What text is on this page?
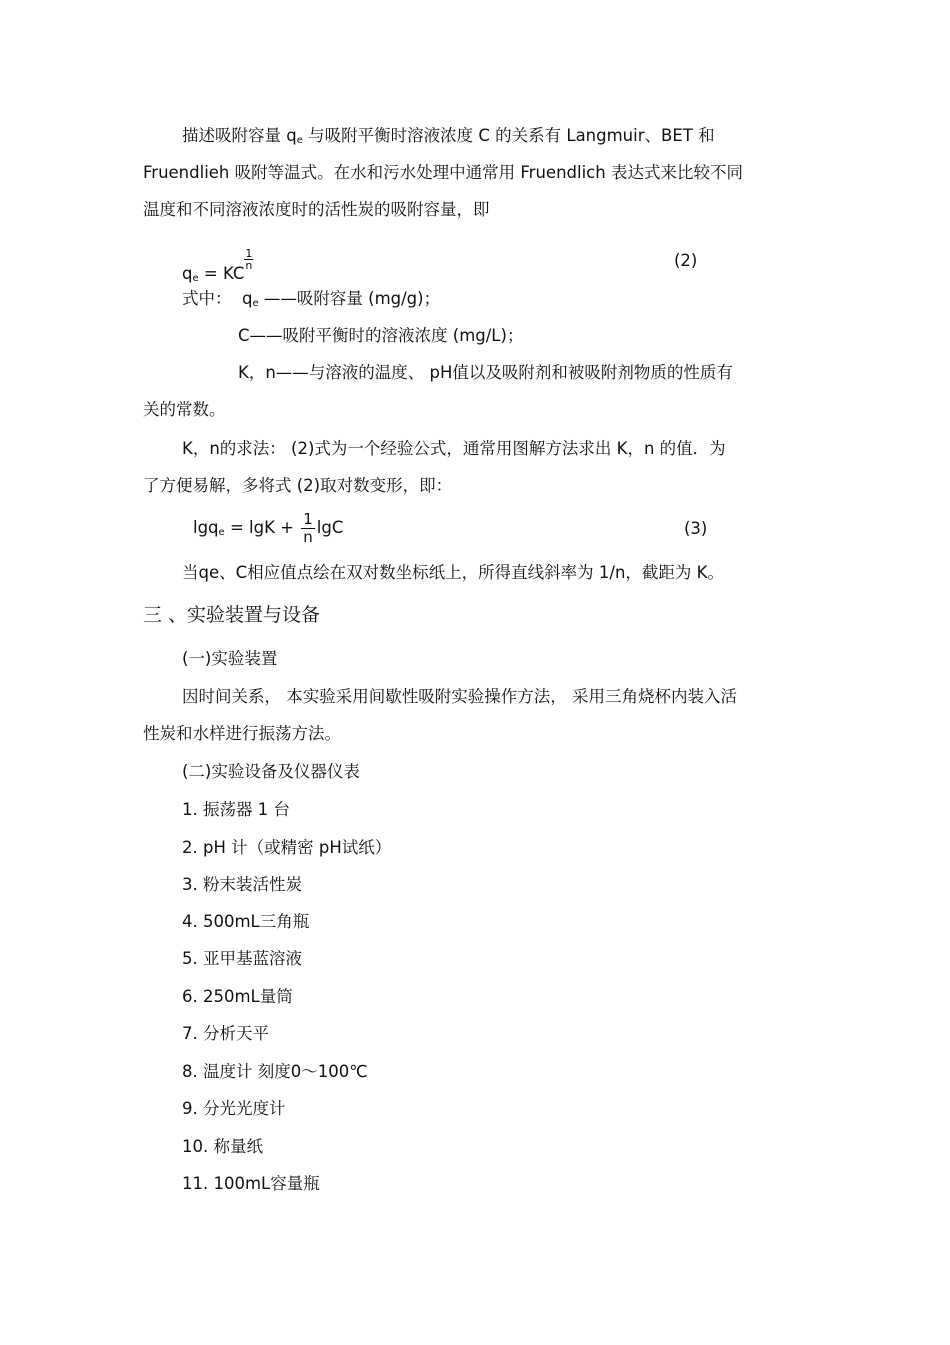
描述吸附容量 $q_e$ 与吸附平衡时溶液浓度 C 的关系有 Langmuir、BET 和
Fruendlieh 吸附等温式。在水和污水处理中通常用 Fruendlich 表达式来比较不同
温度和不同溶液浓度时的活性炭的吸附容量，即
$q_e$ = KC
$\frac{1}{n}$	(2)
式中： $q_e$ ——吸附容量 (mg/g)；
C——吸附平衡时的溶液浓度 (mg/L)；
K，n——与溶液的温度、 pH值以及吸附剂和被吸附剂物质的性质有
关的常数。
K，n的求法： (2)式为一个经验公式，通常用图解方法求出 K，n 的值．为
了方便易解，多将式 (2)取对数变形，即：
$\lg q_e = \lg K + \frac{1}{n}$ lgC	(3)
当qe、C相应值点绘在双对数坐标纸上，所得直线斜率为 1/n，截距为 K。
三 、实验装置与设备
(一)实验装置
因时间关系， 本实验采用间歇性吸附实验操作方法， 采用三角烧杯内装入活
性炭和水样进行振荡方法。
(二)实验设备及仪器仪表
1. 振荡器 1 台
2. pH 计（或精密 pH试纸）
3. 粉末装活性炭
4. 500mL三角瓶
5. 亚甲基蓝溶液
6. 250mL量筒
7. 分析天平
8. 温度计 刻度0～100℃
9. 分光光度计
10. 称量纸
11. 100mL容量瓶
